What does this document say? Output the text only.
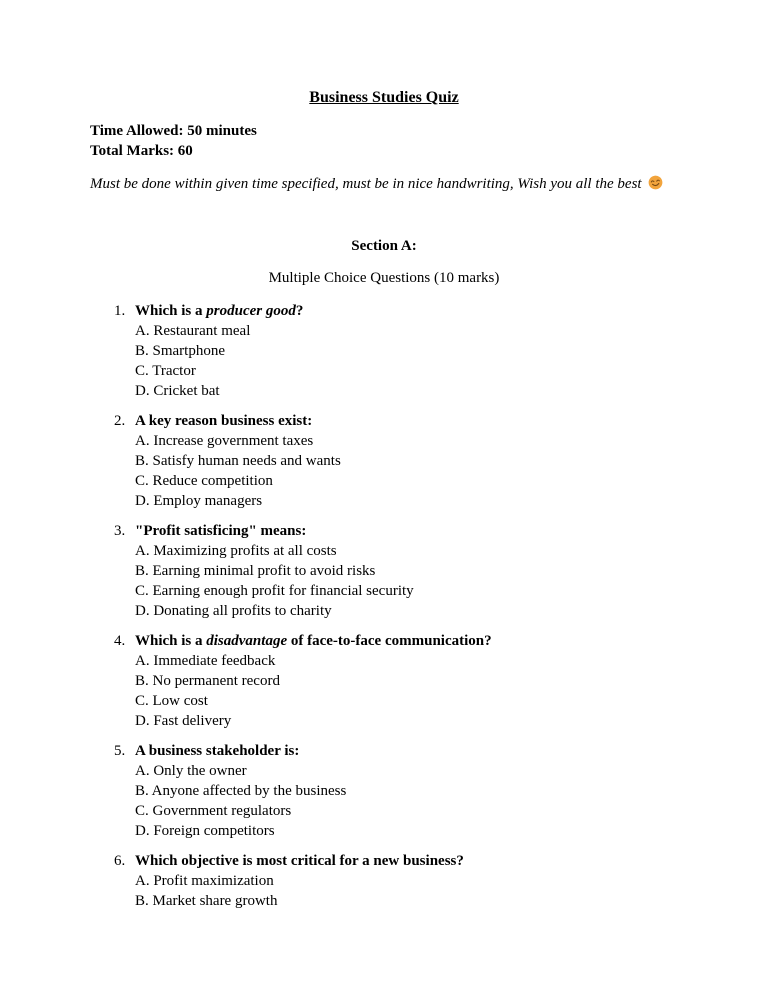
Business Studies Quiz

Time Allowed: 50 minutes

Total Marks: 60

Must be done within given time specified, must be in nice handwriting, Wish you all the best

Section A:

Multiple Choice Questions (10 marks)

1. Which is a producer good?
A. Restaurant meal
B. Smartphone
C. Tractor
D. Cricket bat
2. A key reason business exist:
A. Increase government taxes
B. Satisfy human needs and wants
C. Reduce competition
D. Employ managers
3. "Profit satisficing" means:
A. Maximizing profits at all costs
B. Earning minimal profit to avoid risks
C. Earning enough profit for financial security
D. Donating all profits to charity
4. Which is a disadvantage of face-to-face communication?
A. Immediate feedback
B. No permanent record
C. Low cost
D. Fast delivery
5. A business stakeholder is:
A. Only the owner
B. Anyone affected by the business
C. Government regulators
D. Foreign competitors
6. Which objective is most critical for a new business?
A. Profit maximization
B. Market share growth
